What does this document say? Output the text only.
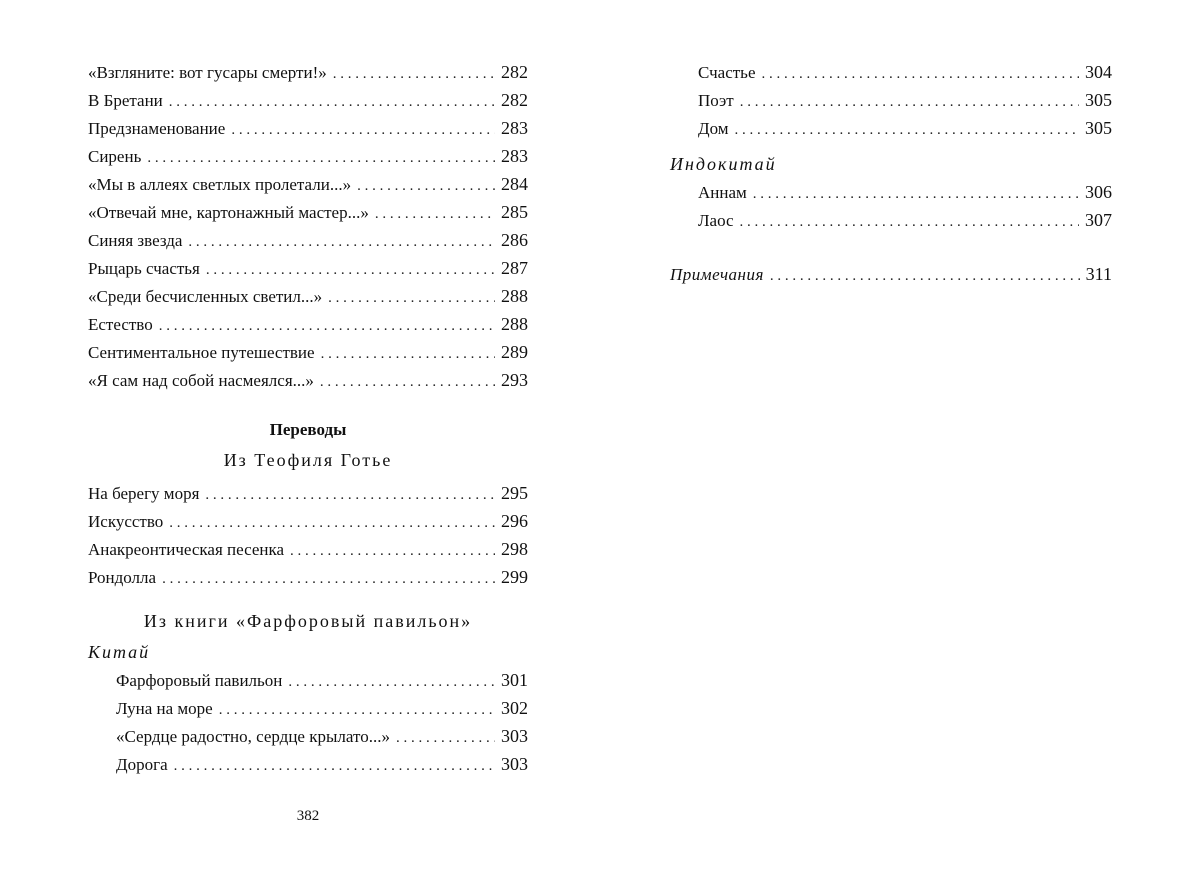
«Взгляните: вот гусары смерти!» . . .	282
В Бретани . . .	282
Предзнаменование . . .	283
Сирень . . .	283
«Мы в аллеях светлых пролетали...» . . .	284
«Отвечай мне, картонажный мастер...» . . .	285
Синяя звезда . . .	286
Рыцарь счастья . . .	287
«Среди бесчисленных светил...» . . .	288
Естество . . .	288
Сентиментальное путешествие . . .	289
«Я сам над собой насмеялся...» . . .	293
Переводы
Из Теофиля Готье
На берегу моря . . .	295
Искусство . . .	296
Анакреонтическая песенка . . .	298
Рондолла . . .	299
Из книги «Фарфоровый павильон»
Китай
Фарфоровый павильон . . .	301
Луна на море . . .	302
«Сердце радостно, сердце крылато...» . . .	303
Дорога . . .	303
382
Счастье . . .	304
Поэт . . .	305
Дом . . .	305
Индокитай
Аннам . . .	306
Лаос . . .	307
Примечания . . .	311
